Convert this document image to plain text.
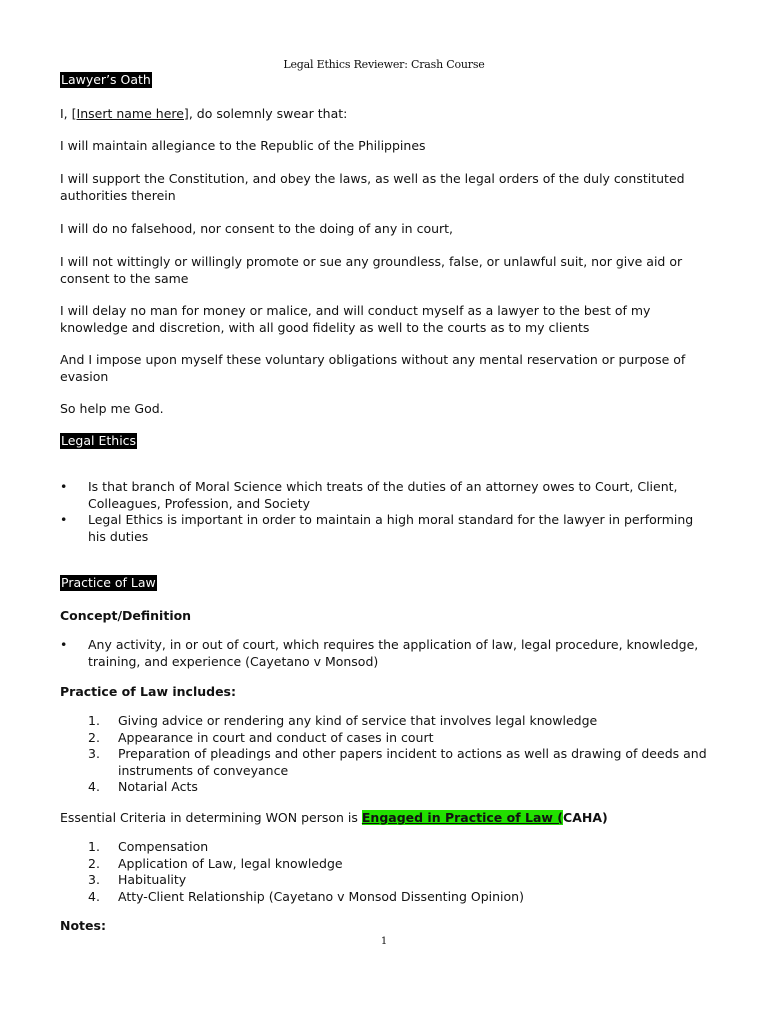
Legal Ethics Reviewer: Crash Course
Lawyer’s Oath
I, [Insert name here], do solemnly swear that:
I will maintain allegiance to the Republic of the Philippines
I will support the Constitution, and obey the laws, as well as the legal orders of the duly constituted authorities therein
I will do no falsehood, nor consent to the doing of any in court,
I will not wittingly or willingly promote or sue any groundless, false, or unlawful suit, nor give aid or consent to the same
I will delay no man for money or malice, and will conduct myself as a lawyer to the best of my knowledge and discretion, with all good fidelity as well to the courts as to my clients
And I impose upon myself these voluntary obligations without any mental reservation or purpose of evasion
So help me God.
Legal Ethics
• Is that branch of Moral Science which treats of the duties of an attorney owes to Court, Client, Colleagues, Profession, and Society
• Legal Ethics is important in order to maintain a high moral standard for the lawyer in performing his duties
Practice of Law
Concept/Definition
• Any activity, in or out of court, which requires the application of law, legal procedure, knowledge, training, and experience (Cayetano v Monsod)
Practice of Law includes:
1. Giving advice or rendering any kind of service that involves legal knowledge
2. Appearance in court and conduct of cases in court
3. Preparation of pleadings and other papers incident to actions as well as drawing of deeds and instruments of conveyance
4. Notarial Acts
Essential Criteria in determining WON person is Engaged in Practice of Law (CAHA)
1. Compensation
2. Application of Law, legal knowledge
3. Habituality
4. Atty-Client Relationship (Cayetano v Monsod Dissenting Opinion)
Notes:
1
